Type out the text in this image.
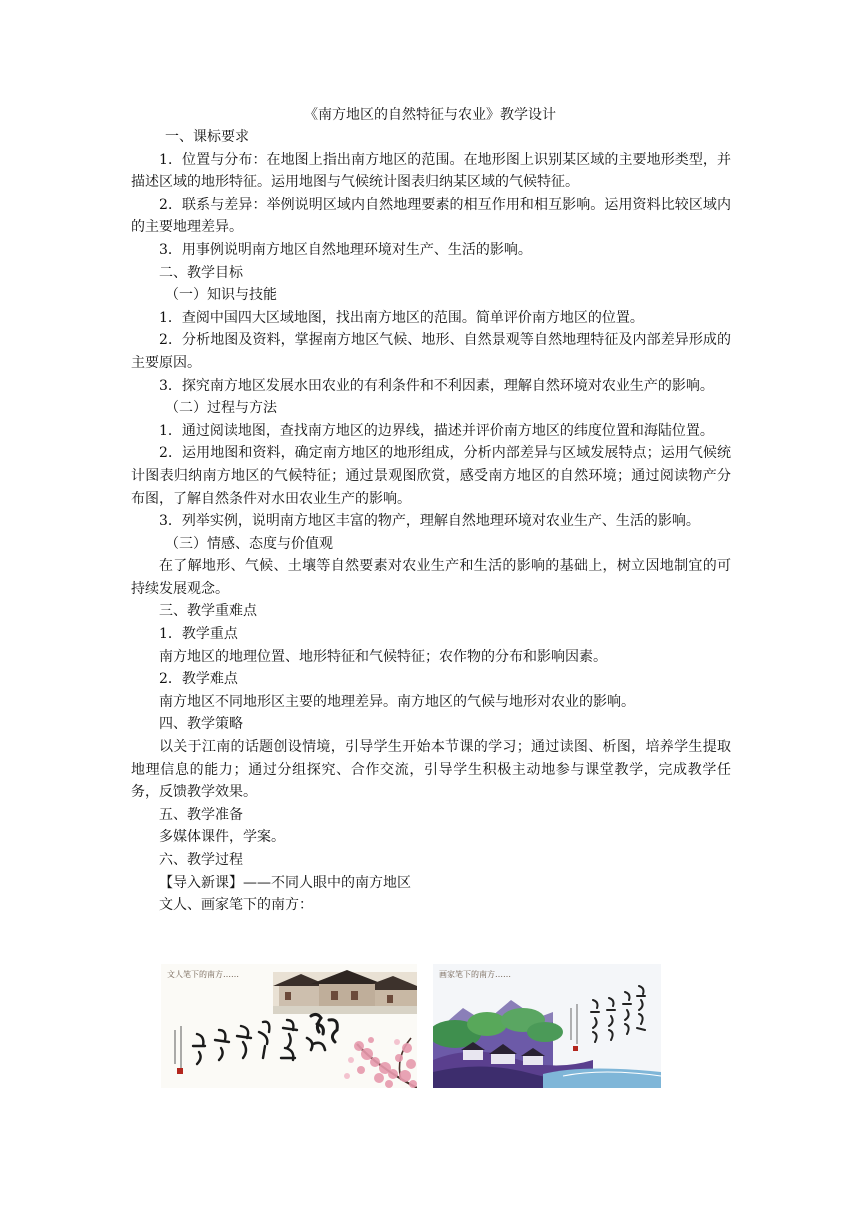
《南方地区的自然特征与农业》教学设计

一、课标要求

1．位置与分布：在地图上指出南方地区的范围。在地形图上识别某区域的主要地形类型，并描述区域的地形特征。运用地图与气候统计图表归纳某区域的气候特征。

2．联系与差异：举例说明区域内自然地理要素的相互作用和相互影响。运用资料比较区域内的主要地理差异。

3．用事例说明南方地区自然地理环境对生产、生活的影响。

二、教学目标

（一）知识与技能

1．查阅中国四大区域地图，找出南方地区的范围。简单评价南方地区的位置。

2．分析地图及资料，掌握南方地区气候、地形、自然景观等自然地理特征及内部差异形成的主要原因。

3．探究南方地区发展水田农业的有利条件和不利因素，理解自然环境对农业生产的影响。

（二）过程与方法

1．通过阅读地图，查找南方地区的边界线，描述并评价南方地区的纬度位置和海陆位置。

2．运用地图和资料，确定南方地区的地形组成，分析内部差异与区域发展特点；运用气候统计图表归纳南方地区的气候特征；通过景观图欣赏，感受南方地区的自然环境；通过阅读物产分布图，了解自然条件对水田农业生产的影响。

3．列举实例，说明南方地区丰富的物产，理解自然地理环境对农业生产、生活的影响。

（三）情感、态度与价值观

在了解地形、气候、土壤等自然要素对农业生产和生活的影响的基础上，树立因地制宜的可持续发展观念。

三、教学重难点

1．教学重点

南方地区的地理位置、地形特征和气候特征；农作物的分布和影响因素。

2．教学难点

南方地区不同地形区主要的地理差异。南方地区的气候与地形对农业的影响。

四、教学策略

以关于江南的话题创设情境，引导学生开始本节课的学习；通过读图、析图，培养学生提取地理信息的能力；通过分组探究、合作交流，引导学生积极主动地参与课堂教学，完成教学任务，反馈教学效果。

五、教学准备

多媒体课件，学案。

六、教学过程

【导入新课】——不同人眼中的南方地区

文人、画家笔下的南方：

文人笔下的南方……	画家笔下的南方……
